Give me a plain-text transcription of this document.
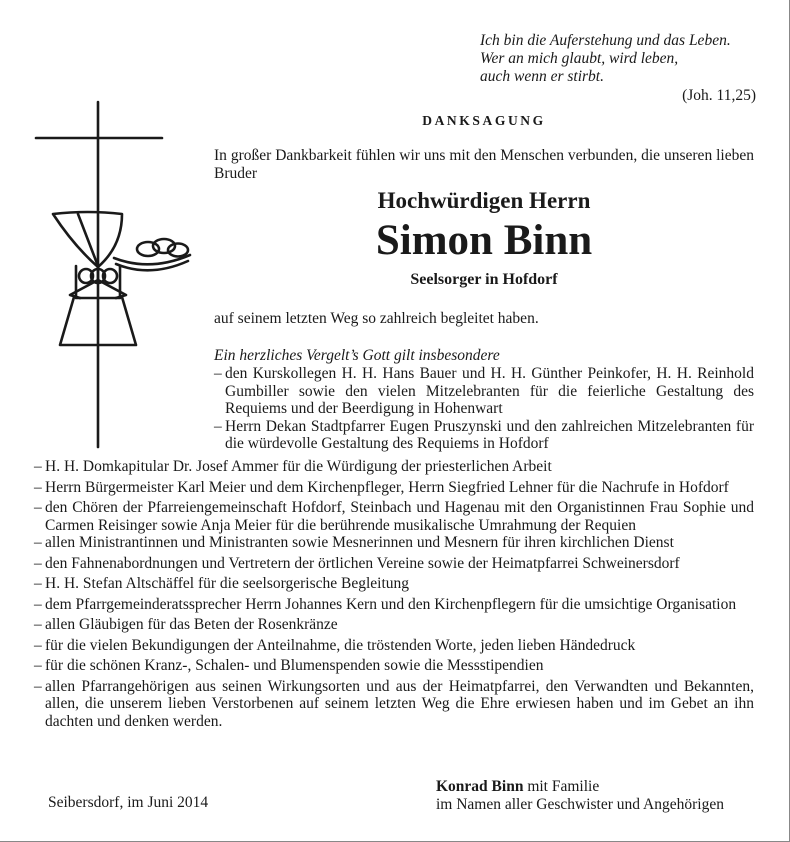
Ich bin die Auferstehung und das Leben.
Wer an mich glaubt, wird leben,
auch wenn er stirbt.
(Joh. 11,25)
DANKSAGUNG
In großer Dankbarkeit fühlen wir uns mit den Menschen verbunden, die unseren lieben Bruder
Hochwürdigen Herrn
Simon Binn
Seelsorger in Hofdorf
auf seinem letzten Weg so zahlreich begleitet haben.
Ein herzliches Vergelt’s Gott gilt insbesondere
– den Kurskollegen H. H. Hans Bauer und H. H. Günther Peinkofer, H. H. Reinhold Gumbiller sowie den vielen Mitzelebranten für die feierliche Gestaltung des Requiems und der Beerdigung in Hohenwart
– Herrn Dekan Stadtpfarrer Eugen Pruszynski und den zahlreichen Mitzelebranten für die würdevolle Gestaltung des Requiems in Hofdorf
– H. H. Domkapitular Dr. Josef Ammer für die Würdigung der priesterlichen Arbeit
– Herrn Bürgermeister Karl Meier und dem Kirchenpfleger, Herrn Siegfried Lehner für die Nachrufe in Hofdorf
– den Chören der Pfarreiengemeinschaft Hofdorf, Steinbach und Hagenau mit den Organistinnen Frau Sophie und Carmen Reisinger sowie Anja Meier für die berührende musikalische Umrahmung der Requien
– allen Ministrantinnen und Ministranten sowie Mesnerinnen und Mesnern für ihren kirchlichen Dienst
– den Fahnenabordnungen und Vertretern der örtlichen Vereine sowie der Heimatpfarrei Schweinersdorf
– H. H. Stefan Altschäffel für die seelsorgerische Begleitung
– dem Pfarrgemeinderatssprecher Herrn Johannes Kern und den Kirchenpflegern für die umsichtige Organisation
– allen Gläubigen für das Beten der Rosenkränze
– für die vielen Bekundigungen der Anteilnahme, die tröstenden Worte, jeden lieben Händedruck
– für die schönen Kranz-, Schalen- und Blumenspenden sowie die Messstipendien
– allen Pfarrangehörigen aus seinen Wirkungsorten und aus der Heimatpfarrei, den Verwandten und Bekannten, allen, die unserem lieben Verstorbenen auf seinem letzten Weg die Ehre erwiesen haben und im Gebet an ihn dachten und denken werden.
Seibersdorf, im Juni 2014
Konrad Binn mit Familie
im Namen aller Geschwister und Angehörigen
